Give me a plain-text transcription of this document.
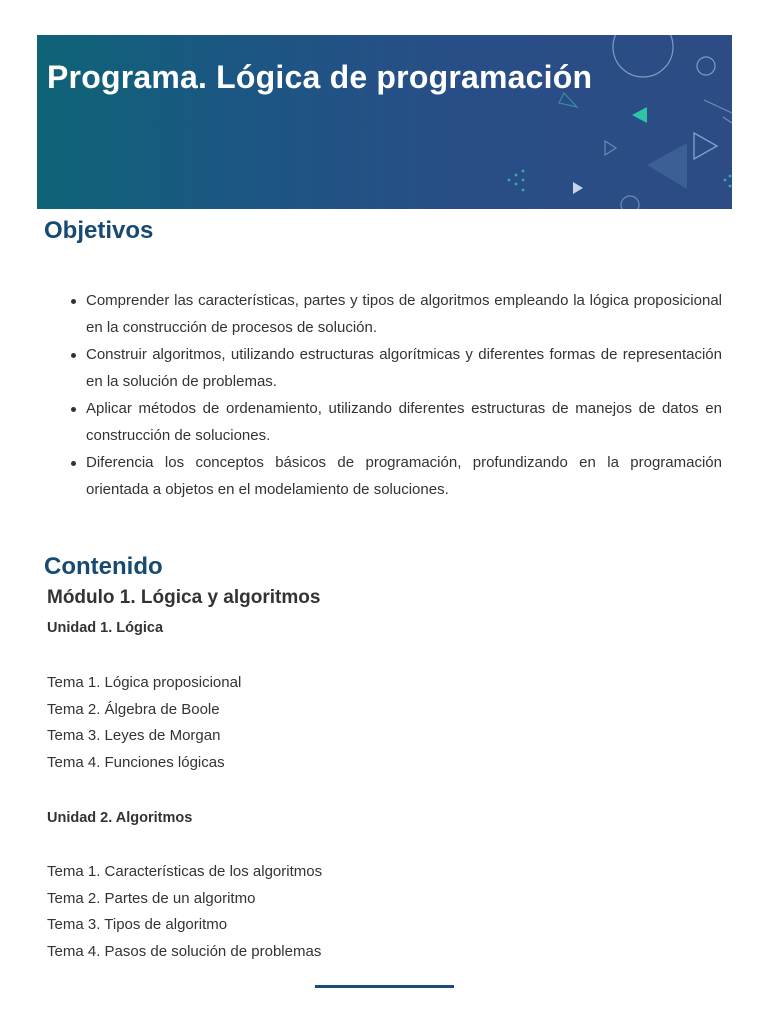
Programa. Lógica de programación
Objetivos
Comprender las características, partes y tipos de algoritmos empleando la lógica proposicional en la construcción de procesos de solución.
Construir algoritmos, utilizando estructuras algorítmicas y diferentes formas de representación en la solución de problemas.
Aplicar métodos de ordenamiento, utilizando diferentes estructuras de manejos de datos en construcción de soluciones.
Diferencia los conceptos básicos de programación, profundizando en la programación orientada a objetos en el modelamiento de soluciones.
Contenido
Módulo 1. Lógica y algoritmos
Unidad 1. Lógica
Tema 1. Lógica proposicional
Tema 2. Álgebra de Boole
Tema 3. Leyes de Morgan
Tema 4. Funciones lógicas
Unidad 2. Algoritmos
Tema 1. Características de los algoritmos
Tema 2. Partes de un algoritmo
Tema 3. Tipos de algoritmo
Tema 4. Pasos de solución de problemas
